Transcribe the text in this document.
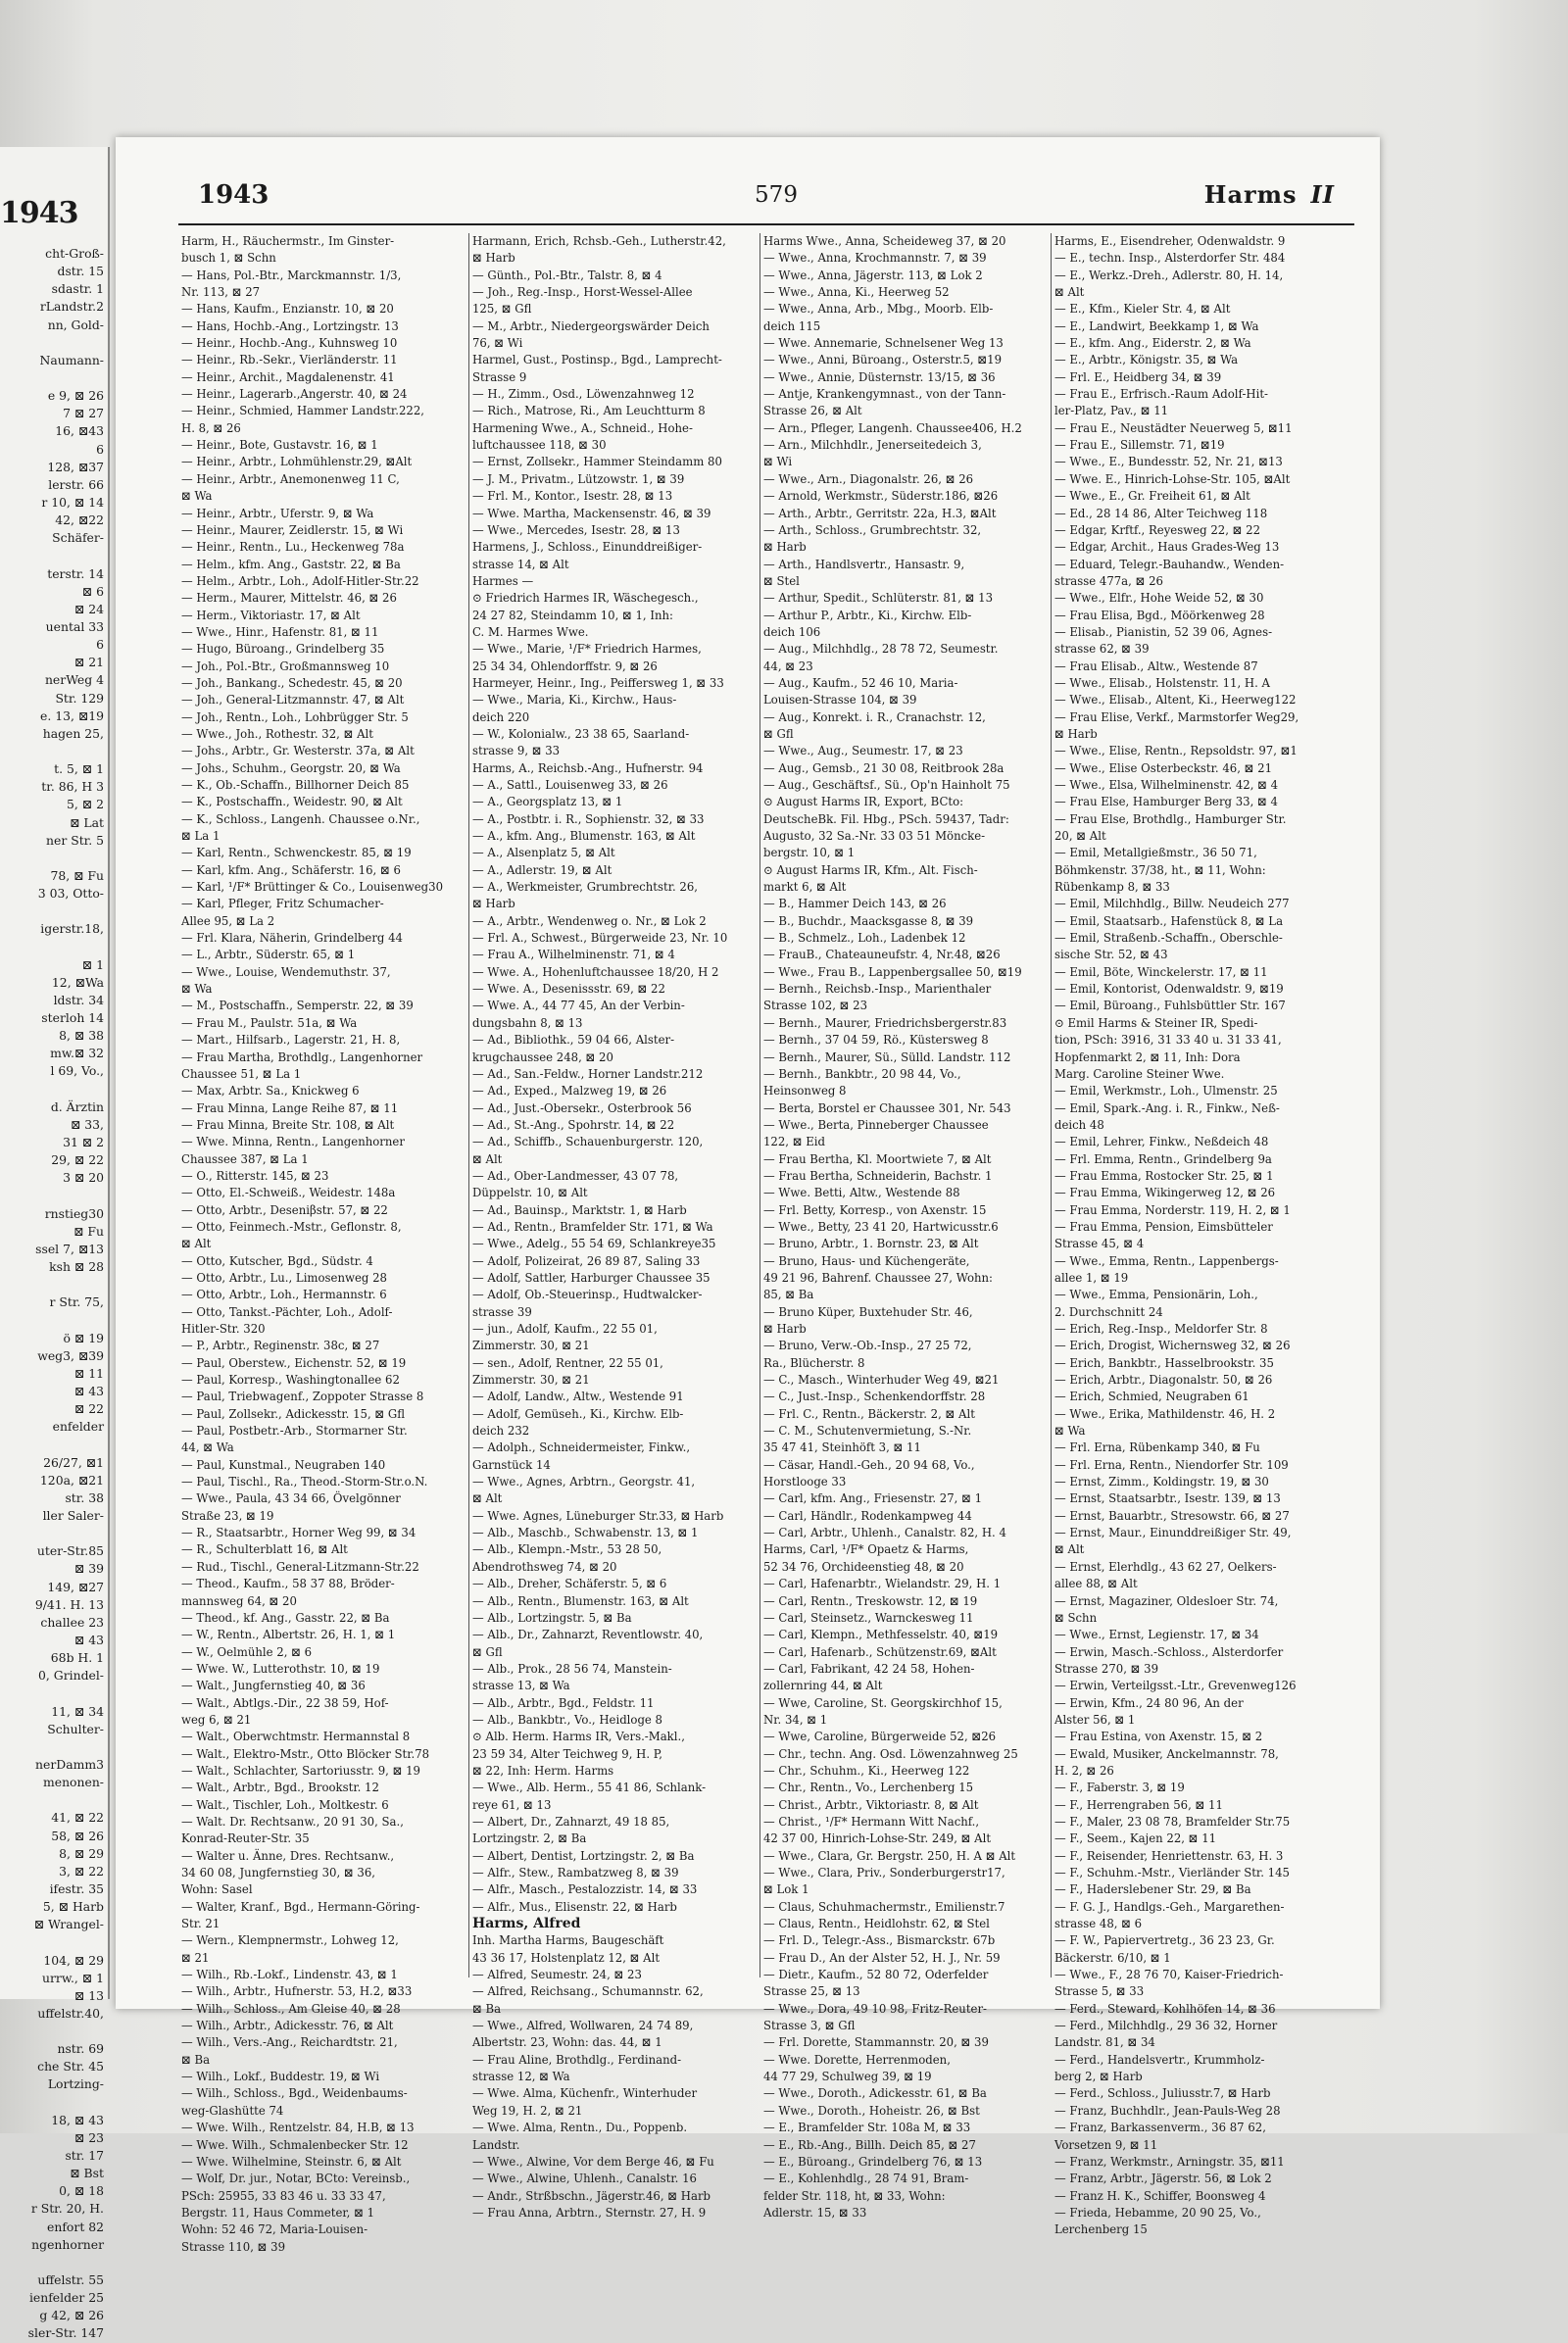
1943
cht-Groß-
dstr. 15
sdastr. 1
rLandstr.2
nn, Gold-
Naumann-
e 9, ⊠ 26
7 ⊠ 27
16, ⊠43
6
128, ⊠37
lerstr. 66
r 10, ⊠ 14
42, ⊠22
Schäfer-
terstr. 14
⊠ 6
⊠ 24
uental 33
6
⊠ 21
nerWeg 4
Str. 129
e. 13, ⊠19
hagen 25,
t. 5, ⊠ 1
tr. 86, H 3
5, ⊠ 2
⊠ Lat
ner Str. 5
78, ⊠ Fu
3 03, Otto-
igerstr.18,
⊠ 1
12, ⊠Wa
ldstr. 34
sterloh 14
8, ⊠ 38
mw.⊠ 32
l 69, Vo.,
d. Ärztin
⊠ 33,
31 ⊠ 2
29, ⊠ 22
3 ⊠ 20
rnstieg30
⊠ Fu
ssel 7, ⊠13
ksh ⊠ 28
r Str. 75,
ö ⊠ 19
weg3, ⊠39
⊠ 11
⊠ 43
⊠ 22
enfelder
26/27, ⊠1
120a, ⊠21
str. 38
ller Saler-
uter-Str.85
⊠ 39
149, ⊠27
9/41. H. 13
challee 23
⊠ 43
68b H. 1
0, Grindel-
11, ⊠ 34
Schulter-
nerDamm3
menonen-
41, ⊠ 22
58, ⊠ 26
8, ⊠ 29
3, ⊠ 22
ifestr. 35
5, ⊠ Harb
⊠ Wrangel-
104, ⊠ 29
urrw., ⊠ 1
⊠ 13
uffelstr.40,
nstr. 69
che Str. 45
Lortzing-
18, ⊠ 43
⊠ 23
str. 17
⊠ Bst
0, ⊠ 18
r Str. 20, H.
enfort 82
ngenhorner
uffelstr. 55
ienfelder 25
g 42, ⊠ 26
sler-Str. 147
1943	579	Harms II
Harm, H., Räuchermstr., Im Ginster-
busch 1, ⊠ Schn
— Hans, Pol.-Btr., Marckmannstr. 1/3,
Nr. 113, ⊠ 27
— Hans, Kaufm., Enzianstr. 10, ⊠ 20
— Hans, Hochb.-Ang., Lortzingstr. 13
— Heinr., Hochb.-Ang., Kuhnsweg 10
— Heinr., Rb.-Sekr., Vierländerstr. 11
— Heinr., Archit., Magdalenenstr. 41
— Heinr., Lagerarb.,Angerstr. 40, ⊠ 24
— Heinr., Schmied, Hammer Landstr.222,
H. 8, ⊠ 26
— Heinr., Bote, Gustavstr. 16, ⊠ 1
— Heinr., Arbtr., Lohmühlenstr.29, ⊠Alt
— Heinr., Arbtr., Anemonenweg 11 C,
⊠ Wa
— Heinr., Arbtr., Uferstr. 9, ⊠ Wa
— Heinr., Maurer, Zeidlerstr. 15, ⊠ Wi
— Heinr., Rentn., Lu., Heckenweg 78a
— Helm., kfm. Ang., Gaststr. 22, ⊠ Ba
— Helm., Arbtr., Loh., Adolf-Hitler-Str.22
— Herm., Maurer, Mittelstr. 46, ⊠ 26
— Herm., Viktoriastr. 17, ⊠ Alt
— Wwe., Hinr., Hafenstr. 81, ⊠ 11
— Hugo, Büroang., Grindelberg 35
— Joh., Pol.-Btr., Großmannsweg 10
— Joh., Bankang., Schedestr. 45, ⊠ 20
— Joh., General-Litzmannstr. 47, ⊠ Alt
— Joh., Rentn., Loh., Lohbrügger Str. 5
— Wwe., Joh., Rothestr. 32, ⊠ Alt
— Johs., Arbtr., Gr. Westerstr. 37a, ⊠ Alt
— Johs., Schuhm., Georgstr. 20, ⊠ Wa
— K., Ob.-Schaffn., Billhorner Deich 85
— K., Postschaffn., Weidestr. 90, ⊠ Alt
— K., Schloss., Langenh. Chaussee o.Nr.,
⊠ La 1
— Karl, Rentn., Schwenckestr. 85, ⊠ 19
— Karl, kfm. Ang., Schäferstr. 16, ⊠ 6
— Karl, ¹/F* Brüttinger & Co., Louisenweg30
— Karl, Pfleger, Fritz Schumacher-
Allee 95, ⊠ La 2
— Frl. Klara, Näherin, Grindelberg 44
— L., Arbtr., Süderstr. 65, ⊠ 1
— Wwe., Louise, Wendemuthstr. 37,
⊠ Wa
— M., Postschaffn., Semperstr. 22, ⊠ 39
— Frau M., Paulstr. 51a, ⊠ Wa
— Mart., Hilfsarb., Lagerstr. 21, H. 8,
— Frau Martha, Brothdlg., Langenhorner
Chaussee 51, ⊠ La 1
— Max, Arbtr. Sa., Knickweg 6
— Frau Minna, Lange Reihe 87, ⊠ 11
— Frau Minna, Breite Str. 108, ⊠ Alt
— Wwe. Minna, Rentn., Langenhorner
Chaussee 387, ⊠ La 1
— O., Ritterstr. 145, ⊠ 23
— Otto, El.-Schweiß., Weidestr. 148a
— Otto, Arbtr., Deseniβstr. 57, ⊠ 22
— Otto, Feinmech.-Mstr., Geflonstr. 8,
⊠ Alt
— Otto, Kutscher, Bgd., Südstr. 4
— Otto, Arbtr., Lu., Limosenweg 28
— Otto, Arbtr., Loh., Hermannstr. 6
— Otto, Tankst.-Pächter, Loh., Adolf-
Hitler-Str. 320
— P., Arbtr., Reginenstr. 38c, ⊠ 27
— Paul, Oberstew., Eichenstr. 52, ⊠ 19
— Paul, Korresp., Washingtonallee 62
— Paul, Triebwagenf., Zoppoter Strasse 8
— Paul, Zollsekr., Adickesstr. 15, ⊠ Gfl
— Paul, Postbetr.-Arb., Stormarner Str.
44, ⊠ Wa
— Paul, Kunstmal., Neugraben 140
— Paul, Tischl., Ra., Theod.-Storm-Str.o.N.
— Wwe., Paula, 43 34 66, Övelgönner
Straße 23, ⊠ 19
— R., Staatsarbtr., Horner Weg 99, ⊠ 34
— R., Schulterblatt 16, ⊠ Alt
— Rud., Tischl., General-Litzmann-Str.22
— Theod., Kaufm., 58 37 88, Bröder-
mannsweg 64, ⊠ 20
— Theod., kf. Ang., Gasstr. 22, ⊠ Ba
— W., Rentn., Albertstr. 26, H. 1, ⊠ 1
— W., Oelmühle 2, ⊠ 6
— Wwe. W., Lutterothstr. 10, ⊠ 19
— Walt., Jungfernstieg 40, ⊠ 36
— Walt., Abtlgs.-Dir., 22 38 59, Hof-
weg 6, ⊠ 21
— Walt., Oberwchtmstr. Hermannstal 8
— Walt., Elektro-Mstr., Otto Blöcker Str.78
— Walt., Schlachter, Sartoriusstr. 9, ⊠ 19
— Walt., Arbtr., Bgd., Brookstr. 12
— Walt., Tischler, Loh., Moltkestr. 6
— Walt. Dr. Rechtsanw., 20 91 30, Sa.,
Konrad-Reuter-Str. 35
— Walter u. Änne, Dres. Rechtsanw.,
34 60 08, Jungfernstieg 30, ⊠ 36,
Wohn: Sasel
— Walter, Kranf., Bgd., Hermann-Göring-
Str. 21
— Wern., Klempnermstr., Lohweg 12,
⊠ 21
— Wilh., Rb.-Lokf., Lindenstr. 43, ⊠ 1
— Wilh., Arbtr., Hufnerstr. 53, H.2, ⊠33
— Wilh., Schloss., Am Gleise 40, ⊠ 28
— Wilh., Arbtr., Adickesstr. 76, ⊠ Alt
— Wilh., Vers.-Ang., Reichardtstr. 21,
⊠ Ba
— Wilh., Lokf., Buddestr. 19, ⊠ Wi
— Wilh., Schloss., Bgd., Weidenbaums-
weg-Glashütte 74
— Wwe. Wilh., Rentzelstr. 84, H.B, ⊠ 13
— Wwe. Wilh., Schmalenbecker Str. 12
— Wwe. Wilhelmine, Steinstr. 6, ⊠ Alt
— Wolf, Dr. jur., Notar, BCto: Vereinsb.,
PSch: 25955, 33 83 46 u. 33 33 47,
Bergstr. 11, Haus Commeter, ⊠ 1
Wohn: 52 46 72, Maria-Louisen-
Strasse 110, ⊠ 39
Harmann, Erich, Rchsb.-Geh., Lutherstr.42,
⊠ Harb
— Günth., Pol.-Btr., Talstr. 8, ⊠ 4
— Joh., Reg.-Insp., Horst-Wessel-Allee
125, ⊠ Gfl
— M., Arbtr., Niedergeorgswärder Deich
76, ⊠ Wi
Harmel, Gust., Postinsp., Bgd., Lamprecht-
Strasse 9
— H., Zimm., Osd., Löwenzahnweg 12
— Rich., Matrose, Ri., Am Leuchtturm 8
Harmening Wwe., A., Schneid., Hohe-
luftchaussee 118, ⊠ 30
— Ernst, Zollsekr., Hammer Steindamm 80
— J. M., Privatm., Lützowstr. 1, ⊠ 39
— Frl. M., Kontor., Isestr. 28, ⊠ 13
— Wwe. Martha, Mackensenstr. 46, ⊠ 39
— Wwe., Mercedes, Isestr. 28, ⊠ 13
Harmens, J., Schloss., Einunddreißiger-
strasse 14, ⊠ Alt
Harmes —
⊙ Friedrich Harmes IR, Wäschegesch.,
24 27 82, Steindamm 10, ⊠ 1, Inh:
C. M. Harmes Wwe.
— Wwe., Marie, ¹/F* Friedrich Harmes,
25 34 34, Ohlendorffstr. 9, ⊠ 26
Harmeyer, Heinr., Ing., Peiffersweg 1, ⊠ 33
— Wwe., Maria, Ki., Kirchw., Haus-
deich 220
— W., Kolonialw., 23 38 65, Saarland-
strasse 9, ⊠ 33
Harms, A., Reichsb.-Ang., Hufnerstr. 94
— A., Sattl., Louisenweg 33, ⊠ 26
— A., Georgsplatz 13, ⊠ 1
— A., Postbtr. i. R., Sophienstr. 32, ⊠ 33
— A., kfm. Ang., Blumenstr. 163, ⊠ Alt
— A., Alsenplatz 5, ⊠ Alt
— A., Adlerstr. 19, ⊠ Alt
— A., Werkmeister, Grumbrechtstr. 26,
⊠ Harb
— A., Arbtr., Wendenweg o. Nr., ⊠ Lok 2
— Frl. A., Schwest., Bürgerweide 23, Nr. 10
— Frau A., Wilhelminenstr. 71, ⊠ 4
— Wwe. A., Hohenluftchaussee 18/20, H 2
— Wwe. A., Desenissstr. 69, ⊠ 22
— Wwe. A., 44 77 45, An der Verbin-
dungsbahn 8, ⊠ 13
— Ad., Bibliothk., 59 04 66, Alster-
krugchaussee 248, ⊠ 20
— Ad., San.-Feldw., Horner Landstr.212
— Ad., Exped., Malzweg 19, ⊠ 26
— Ad., Just.-Obersekr., Osterbrook 56
— Ad., St.-Ang., Spohrstr. 14, ⊠ 22
— Ad., Schiffb., Schauenburgerstr. 120,
⊠ Alt
— Ad., Ober-Landmesser, 43 07 78,
Düppelstr. 10, ⊠ Alt
— Ad., Bauinsp., Marktstr. 1, ⊠ Harb
— Ad., Rentn., Bramfelder Str. 171, ⊠ Wa
— Wwe., Adelg., 55 54 69, Schlankreye35
— Adolf, Polizeirat, 26 89 87, Saling 33
— Adolf, Sattler, Harburger Chaussee 35
— Adolf, Ob.-Steuerinsp., Hudtwalcker-
strasse 39
— jun., Adolf, Kaufm., 22 55 01,
Zimmerstr. 30, ⊠ 21
— sen., Adolf, Rentner, 22 55 01,
Zimmerstr. 30, ⊠ 21
— Adolf, Landw., Altw., Westende 91
— Adolf, Gemüseh., Ki., Kirchw. Elb-
deich 232
— Adolph., Schneidermeister, Finkw.,
Garnstück 14
— Wwe., Agnes, Arbtrn., Georgstr. 41,
⊠ Alt
— Wwe. Agnes, Lüneburger Str.33, ⊠ Harb
— Alb., Maschb., Schwabenstr. 13, ⊠ 1
— Alb., Klempn.-Mstr., 53 28 50,
Abendrothsweg 74, ⊠ 20
— Alb., Dreher, Schäferstr. 5, ⊠ 6
— Alb., Rentn., Blumenstr. 163, ⊠ Alt
— Alb., Lortzingstr. 5, ⊠ Ba
— Alb., Dr., Zahnarzt, Reventlowstr. 40,
⊠ Gfl
— Alb., Prok., 28 56 74, Manstein-
strasse 13, ⊠ Wa
— Alb., Arbtr., Bgd., Feldstr. 11
— Alb., Bankbtr., Vo., Heidloge 8
⊙ Alb. Herm. Harms IR, Vers.-Makl.,
23 59 34, Alter Teichweg 9, H. P,
⊠ 22, Inh: Herm. Harms
— Wwe., Alb. Herm., 55 41 86, Schlank-
reye 61, ⊠ 13
— Albert, Dr., Zahnarzt, 49 18 85,
Lortzingstr. 2, ⊠ Ba
— Albert, Dentist, Lortzingstr. 2, ⊠ Ba
— Alfr., Stew., Rambatzweg 8, ⊠ 39
— Alfr., Masch., Pestalozzistr. 14, ⊠ 33
— Alfr., Mus., Elisenstr. 22, ⊠ Harb
Harms, Alfred
Inh. Martha Harms, Baugeschäft
43 36 17, Holstenplatz 12, ⊠ Alt
— Alfred, Seumestr. 24, ⊠ 23
— Alfred, Reichsang., Schumannstr. 62,
⊠ Ba
— Wwe., Alfred, Wollwaren, 24 74 89,
Albertstr. 23, Wohn: das. 44, ⊠ 1
— Frau Aline, Brothdlg., Ferdinand-
strasse 12, ⊠ Wa
— Wwe. Alma, Küchenfr., Winterhuder
Weg 19, H. 2, ⊠ 21
— Wwe. Alma, Rentn., Du., Poppenb.
Landstr.
— Wwe., Alwine, Vor dem Berge 46, ⊠ Fu
— Wwe., Alwine, Uhlenh., Canalstr. 16
— Andr., Strßbschn., Jägerstr.46, ⊠ Harb
— Frau Anna, Arbtrn., Sternstr. 27, H. 9
Harms Wwe., Anna, Scheideweg 37, ⊠ 20
— Wwe., Anna, Krochmannstr. 7, ⊠ 39
— Wwe., Anna, Jägerstr. 113, ⊠ Lok 2
— Wwe., Anna, Ki., Heerweg 52
— Wwe., Anna, Arb., Mbg., Moorb. Elb-
deich 115
— Wwe. Annemarie, Schnelsener Weg 13
— Wwe., Anni, Büroang., Osterstr.5, ⊠19
— Wwe., Annie, Düsternstr. 13/15, ⊠ 36
— Antje, Krankengymnast., von der Tann-
Strasse 26, ⊠ Alt
— Arn., Pfleger, Langenh. Chaussee406, H.2
— Arn., Milchhdlr., Jenerseitedeich 3,
⊠ Wi
— Wwe., Arn., Diagonalstr. 26, ⊠ 26
— Arnold, Werkmstr., Süderstr.186, ⊠26
— Arth., Arbtr., Gerritstr. 22a, H.3, ⊠Alt
— Arth., Schloss., Grumbrechtstr. 32,
⊠ Harb
— Arth., Handlsvertr., Hansastr. 9,
⊠ Stel
— Arthur, Spedit., Schlüterstr. 81, ⊠ 13
— Arthur P., Arbtr., Ki., Kirchw. Elb-
deich 106
— Aug., Milchhdlg., 28 78 72, Seumestr.
44, ⊠ 23
— Aug., Kaufm., 52 46 10, Maria-
Louisen-Strasse 104, ⊠ 39
— Aug., Konrekt. i. R., Cranachstr. 12,
⊠ Gfl
— Wwe., Aug., Seumestr. 17, ⊠ 23
— Aug., Gemsb., 21 30 08, Reitbrook 28a
— Aug., Geschäftsf., Sü., Op'n Hainholt 75
⊙ August Harms IR, Export, BCto:
DeutscheBk. Fil. Hbg., PSch. 59437, Tadr:
Augusto, 32 Sa.-Nr. 33 03 51 Mönckе-
bergstr. 10, ⊠ 1
⊙ August Harms IR, Kfm., Alt. Fisch-
markt 6, ⊠ Alt
— B., Hammer Deich 143, ⊠ 26
— B., Buchdr., Maacksgasse 8, ⊠ 39
— B., Schmelz., Loh., Ladenbek 12
— FrauB., Chateauneufstr. 4, Nr.48, ⊠26
— Wwe., Frau B., Lappenbergsallee 50, ⊠19
— Bernh., Reichsb.-Insp., Marienthaler
Strasse 102, ⊠ 23
— Bernh., Maurer, Friedrichsbergerstr.83
— Bernh., 37 04 59, Rö., Küstersweg 8
— Bernh., Maurer, Sü., Sülld. Landstr. 112
— Bernh., Bankbtr., 20 98 44, Vo.,
Heinsonweg 8
— Berta, Borstel er Chaussee 301, Nr. 543
— Wwe., Berta, Pinneberger Chaussee
122, ⊠ Eid
— Frau Bertha, Kl. Moortwiete 7, ⊠ Alt
— Frau Bertha, Schneiderin, Bachstr. 1
— Wwe. Betti, Altw., Westende 88
— Frl. Betty, Korresp., von Axenstr. 15
— Wwe., Betty, 23 41 20, Hartwicusstr.6
— Bruno, Arbtr., 1. Bornstr. 23, ⊠ Alt
— Bruno, Haus- und Küchengeräte,
49 21 96, Bahrenf. Chaussee 27, Wohn:
85, ⊠ Ba
— Bruno Küper, Buxtehuder Str. 46,
⊠ Harb
— Bruno, Verw.-Ob.-Insp., 27 25 72,
Ra., Blücherstr. 8
— C., Masch., Winterhuder Weg 49, ⊠21
— C., Just.-Insp., Schenkendorffstr. 28
— Frl. C., Rentn., Bäckerstr. 2, ⊠ Alt
— C. M., Schutenvermietung, S.-Nr.
35 47 41, Steinhöft 3, ⊠ 11
— Cäsar, Handl.-Geh., 20 94 68, Vo.,
Horstlooge 33
— Carl, kfm. Ang., Friesenstr. 27, ⊠ 1
— Carl, Händlr., Rodenkampweg 44
— Carl, Arbtr., Uhlenh., Canalstr. 82, H. 4
Harms, Carl, ¹/F* Opaetz & Harms,
52 34 76, Orchideenstieg 48, ⊠ 20
— Carl, Hafenarbtr., Wielandstr. 29, H. 1
— Carl, Rentn., Treskowstr. 12, ⊠ 19
— Carl, Steinsetz., Warnckesweg 11
— Carl, Klempn., Methfesselstr. 40, ⊠19
— Carl, Hafenarb., Schützenstr.69, ⊠Alt
— Carl, Fabrikant, 42 24 58, Hohen-
zollernring 44, ⊠ Alt
— Wwe, Caroline, St. Georgskirchhof 15,
Nr. 34, ⊠ 1
— Wwe, Caroline, Bürgerweide 52, ⊠26
— Chr., techn. Ang. Osd. Löwenzahnweg 25
— Chr., Schuhm., Ki., Heerweg 122
— Chr., Rentn., Vo., Lerchenberg 15
— Christ., Arbtr., Viktoriastr. 8, ⊠ Alt
— Christ., ¹/F* Hermann Witt Nachf.,
42 37 00, Hinrich-Lohse-Str. 249, ⊠ Alt
— Wwe., Clara, Gr. Bergstr. 250, H. A ⊠ Alt
— Wwe., Clara, Priv., Sonderburgerstr17,
⊠ Lok 1
— Claus, Schuhmachermstr., Emilienstr.7
— Claus, Rentn., Heidlohstr. 62, ⊠ Stel
— Frl. D., Telegr.-Ass., Bismarckstr. 67b
— Frau D., An der Alster 52, H. J., Nr. 59
— Dietr., Kaufm., 52 80 72, Oderfelder
Strasse 25, ⊠ 13
— Wwe., Dora, 49 10 98, Fritz-Reuter-
Strasse 3, ⊠ Gfl
— Frl. Dorette, Stammannstr. 20, ⊠ 39
— Wwe. Dorette, Herrenmoden,
44 77 29, Schulweg 39, ⊠ 19
— Wwe., Doroth., Adickesstr. 61, ⊠ Ba
— Wwe., Doroth., Hoheistr. 26, ⊠ Bst
— E., Bramfelder Str. 108a M, ⊠ 33
— E., Rb.-Ang., Billh. Deich 85, ⊠ 27
— E., Büroang., Grindelberg 76, ⊠ 13
— E., Kohlenhdlg., 28 74 91, Bram-
felder Str. 118, ht, ⊠ 33, Wohn:
Adlerstr. 15, ⊠ 33
Harms, E., Eisendreher, Odenwaldstr. 9
— E., techn. Insp., Alsterdorfer Str. 484
— E., Werkz.-Dreh., Adlerstr. 80, H. 14,
⊠ Alt
— E., Kfm., Kieler Str. 4, ⊠ Alt
— E., Landwirt, Beekkamp 1, ⊠ Wa
— E., kfm. Ang., Eiderstr. 2, ⊠ Wa
— E., Arbtr., Königstr. 35, ⊠ Wa
— Frl. E., Heidberg 34, ⊠ 39
— Frau E., Erfrisch.-Raum Adolf-Hit-
ler-Platz, Pav., ⊠ 11
— Frau E., Neustädter Neuerweg 5, ⊠11
— Frau E., Sillemstr. 71, ⊠19
— Wwe., E., Bundesstr. 52, Nr. 21, ⊠13
— Wwe. E., Hinrich-Lohse-Str. 105, ⊠Alt
— Wwe., E., Gr. Freiheit 61, ⊠ Alt
— Ed., 28 14 86, Alter Teichweg 118
— Edgar, Krftf., Reyesweg 22, ⊠ 22
— Edgar, Archit., Haus Grades-Weg 13
— Eduard, Telegr.-Bauhandw., Wenden-
strasse 477a, ⊠ 26
— Wwe., Elfr., Hohe Weide 52, ⊠ 30
— Frau Elisa, Bgd., Möörkenweg 28
— Elisab., Pianistin, 52 39 06, Agnes-
strasse 62, ⊠ 39
— Frau Elisab., Altw., Westende 87
— Wwe., Elisab., Holstenstr. 11, H. A
— Wwe., Elisab., Altent, Ki., Heerweg122
— Frau Elise, Verkf., Marmstorfer Weg29,
⊠ Harb
— Wwe., Elise, Rentn., Repsoldstr. 97, ⊠1
— Wwe., Elise Osterbeckstr. 46, ⊠ 21
— Wwe., Elsa, Wilhelminenstr. 42, ⊠ 4
— Frau Else, Hamburger Berg 33, ⊠ 4
— Frau Else, Brothdlg., Hamburger Str.
20, ⊠ Alt
— Emil, Metallgießmstr., 36 50 71,
Böhmkenstr. 37/38, ht., ⊠ 11, Wohn:
Rübenkamp 8, ⊠ 33
— Emil, Milchhdlg., Billw. Neudeich 277
— Emil, Staatsarb., Hafenstück 8, ⊠ La
— Emil, Straßenb.-Schaffn., Oberschle-
sische Str. 52, ⊠ 43
— Emil, Böte, Winckelerstr. 17, ⊠ 11
— Emil, Kontorist, Odenwaldstr. 9, ⊠19
— Emil, Büroang., Fuhlsbüttler Str. 167
⊙ Emil Harms & Steiner IR, Spedi-
tion, PSch: 3916, 31 33 40 u. 31 33 41,
Hopfenmarkt 2, ⊠ 11, Inh: Dora
Marg. Caroline Steiner Wwe.
— Emil, Werkmstr., Loh., Ulmenstr. 25
— Emil, Spark.-Ang. i. R., Finkw., Neß-
deich 48
— Emil, Lehrer, Finkw., Neßdeich 48
— Frl. Emma, Rentn., Grindelberg 9a
— Frau Emma, Rostocker Str. 25, ⊠ 1
— Frau Emma, Wikingerweg 12, ⊠ 26
— Frau Emma, Norderstr. 119, H. 2, ⊠ 1
— Frau Emma, Pension, Eimsbütteler
Strasse 45, ⊠ 4
— Wwe., Emma, Rentn., Lappenbergs-
allee 1, ⊠ 19
— Wwe., Emma, Pensionärin, Loh.,
2. Durchschnitt 24
— Erich, Reg.-Insp., Meldorfer Str. 8
— Erich, Drogist, Wichernsweg 32, ⊠ 26
— Erich, Bankbtr., Hasselbrookstr. 35
— Erich, Arbtr., Diagonalstr. 50, ⊠ 26
— Erich, Schmied, Neugraben 61
— Wwe., Erika, Mathildenstr. 46, H. 2
⊠ Wa
— Frl. Erna, Rübenkamp 340, ⊠ Fu
— Frl. Erna, Rentn., Niendorfer Str. 109
— Ernst, Zimm., Koldingstr. 19, ⊠ 30
— Ernst, Staatsarbtr., Isestr. 139, ⊠ 13
— Ernst, Bauarbtr., Stresowstr. 66, ⊠ 27
— Ernst, Maur., Einunddreißiger Str. 49,
⊠ Alt
— Ernst, Elerhdlg., 43 62 27, Oelkers-
allee 88, ⊠ Alt
— Ernst, Magaziner, Oldesloer Str. 74,
⊠ Schn
— Wwe., Ernst, Legienstr. 17, ⊠ 34
— Erwin, Masch.-Schloss., Alsterdorfer
Strasse 270, ⊠ 39
— Erwin, Verteilgsst.-Ltr., Grevenweg126
— Erwin, Kfm., 24 80 96, An der
Alster 56, ⊠ 1
— Frau Estina, von Axenstr. 15, ⊠ 2
— Ewald, Musiker, Anckelmannstr. 78,
H. 2, ⊠ 26
— F., Faberstr. 3, ⊠ 19
— F., Herrengraben 56, ⊠ 11
— F., Maler, 23 08 78, Bramfelder Str.75
— F., Seem., Kajen 22, ⊠ 11
— F., Reisender, Henriettenstr. 63, H. 3
— F., Schuhm.-Mstr., Vierländer Str. 145
— F., Haderslebener Str. 29, ⊠ Ba
— F. G. J., Handlgs.-Geh., Margarethen-
strasse 48, ⊠ 6
— F. W., Papiervertretg., 36 23 23, Gr.
Bäckerstr. 6/10, ⊠ 1
— Wwe., F., 28 76 70, Kaiser-Friedrich-
Strasse 5, ⊠ 33
— Ferd., Steward, Kohlhöfen 14, ⊠ 36
— Ferd., Milchhdlg., 29 36 32, Horner
Landstr. 81, ⊠ 34
— Ferd., Handelsvertr., Krummholz-
berg 2, ⊠ Harb
— Ferd., Schloss., Juliusstr.7, ⊠ Harb
— Franz, Buchhdlr., Jean-Pauls-Weg 28
— Franz, Barkassenverm., 36 87 62,
Vorsetzen 9, ⊠ 11
— Franz, Werkmstr., Arningstr. 35, ⊠11
— Franz, Arbtr., Jägerstr. 56, ⊠ Lok 2
— Franz H. K., Schiffer, Boonsweg 4
— Frieda, Hebamme, 20 90 25, Vo.,
Lerchenberg 15
